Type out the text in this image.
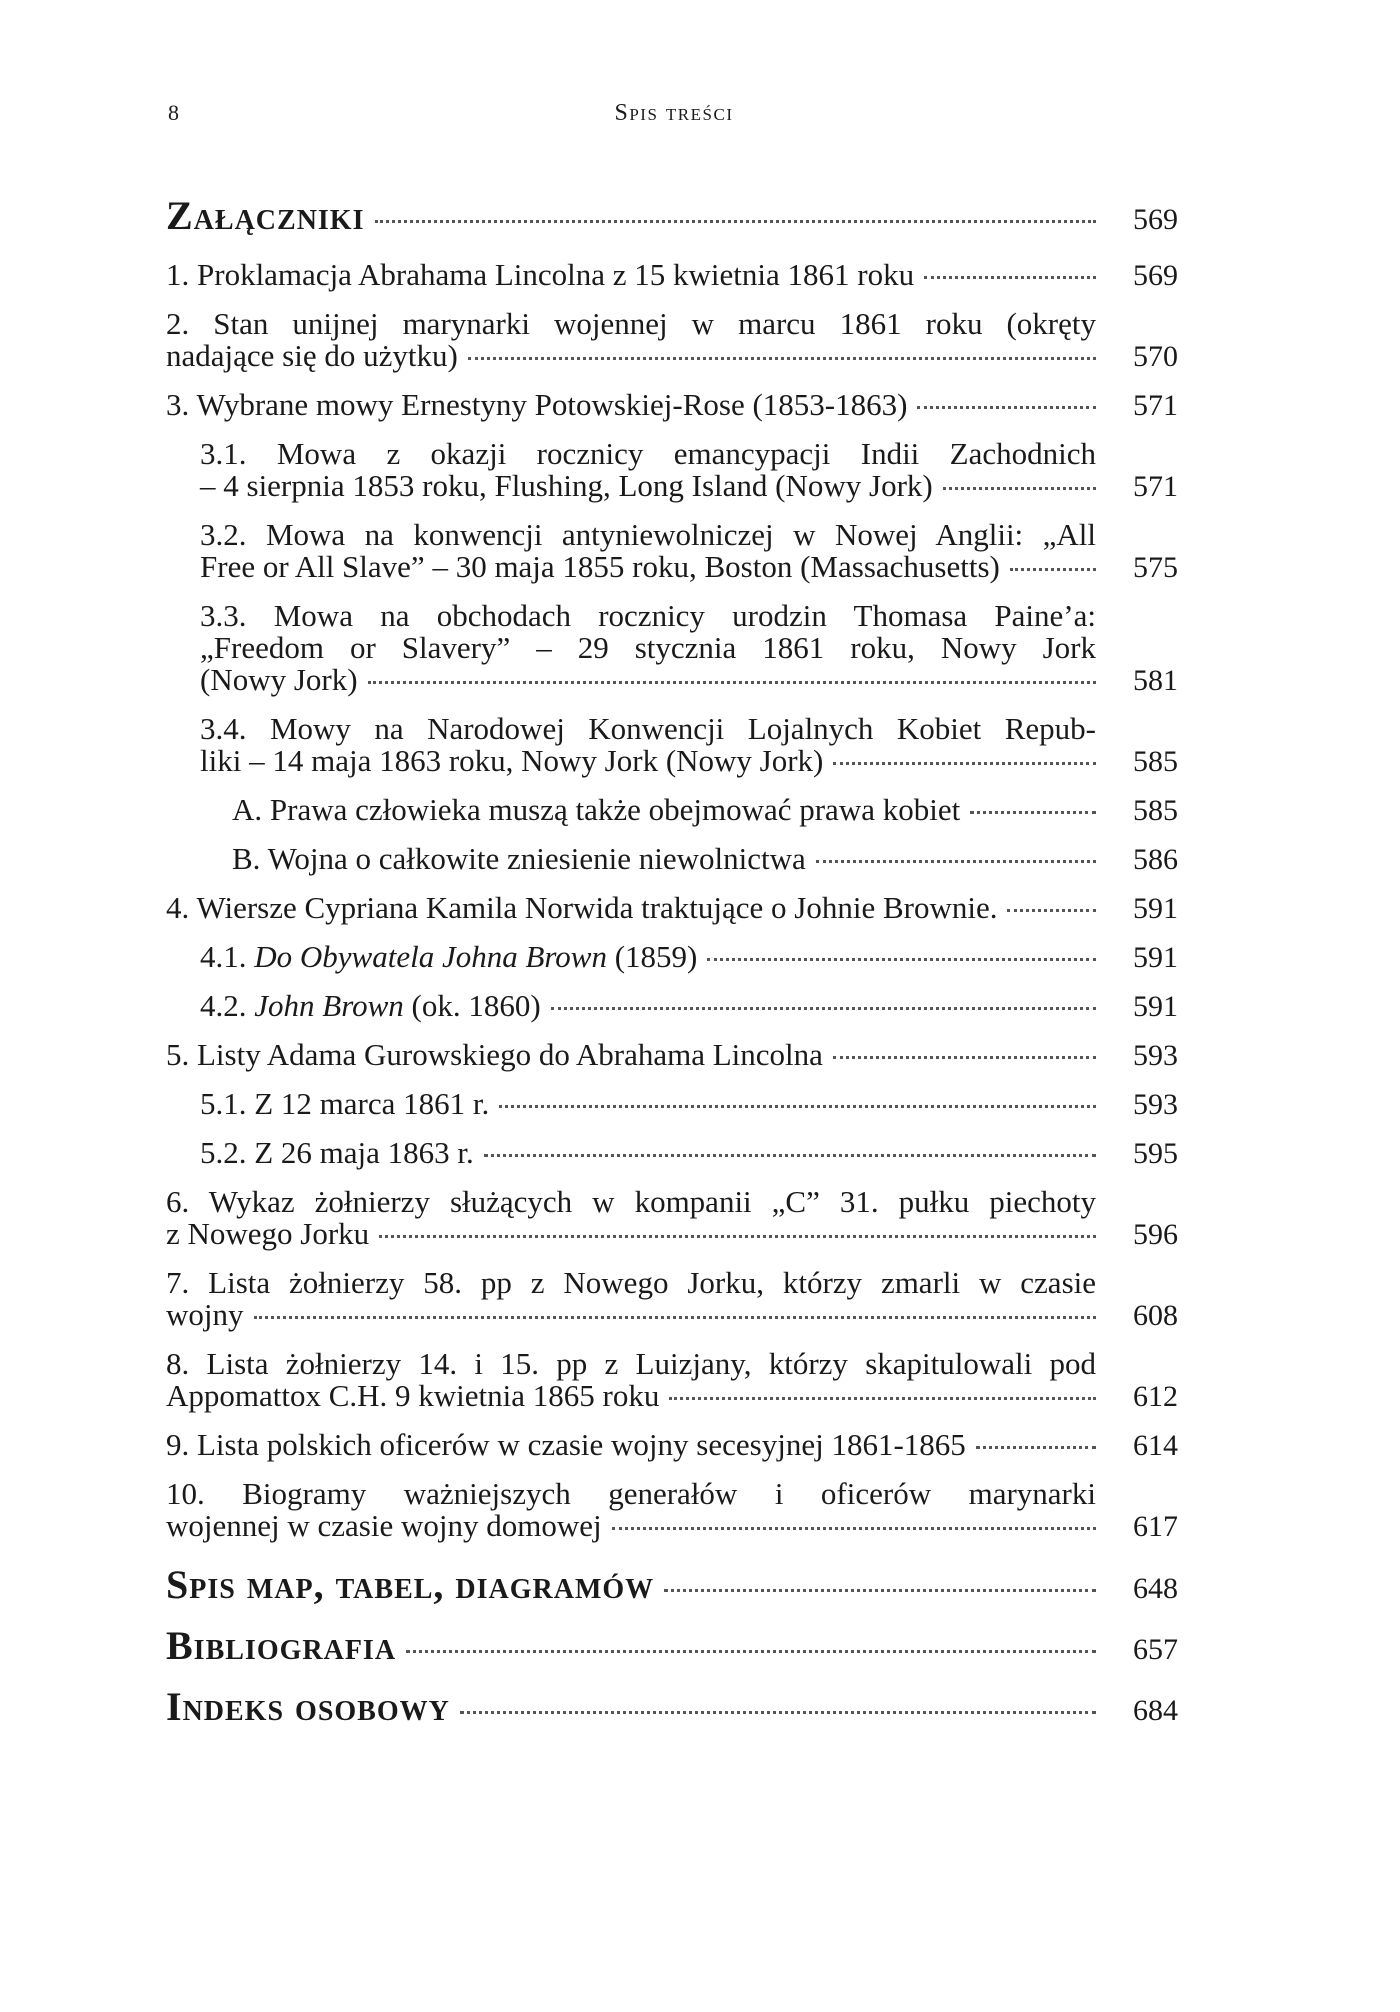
8	Spis treści
Załączniki	569
1. Proklamacja Abrahama Lincolna z 15 kwietnia 1861 roku	569
2. Stan unijnej marynarki wojennej w marcu 1861 roku (okręty
nadające się do użytku)	570
3. Wybrane mowy Ernestyny Potowskiej-Rose (1853-1863)	571
3.1. Mowa z okazji rocznicy emancypacji Indii Zachodnich
– 4 sierpnia 1853 roku, Flushing, Long Island (Nowy Jork)	571
3.2. Mowa na konwencji antyniewolniczej w Nowej Anglii: „All
Free or All Slave” – 30 maja 1855 roku, Boston (Massachusetts)	575
3.3. Mowa na obchodach rocznicy urodzin Thomasa Paine’a:
„Freedom or Slavery” – 29 stycznia 1861 roku, Nowy Jork
(Nowy Jork)	581
3.4. Mowy na Narodowej Konwencji Lojalnych Kobiet Repub-
liki – 14 maja 1863 roku, Nowy Jork (Nowy Jork)	585
A. Prawa człowieka muszą także obejmować prawa kobiet	585
B. Wojna o całkowite zniesienie niewolnictwa	586
4. Wiersze Cypriana Kamila Norwida traktujące o Johnie Brownie.	591
4.1. Do Obywatela Johna Brown (1859)	591
4.2. John Brown (ok. 1860)	591
5. Listy Adama Gurowskiego do Abrahama Lincolna	593
5.1. Z 12 marca 1861 r.	593
5.2. Z 26 maja 1863 r.	595
6. Wykaz żołnierzy służących w kompanii „C” 31. pułku piechoty
z Nowego Jorku	596
7. Lista żołnierzy 58. pp z Nowego Jorku, którzy zmarli w czasie
wojny	608
8. Lista żołnierzy 14. i 15. pp z Luizjany, którzy skapitulowali pod
Appomattox C.H. 9 kwietnia 1865 roku	612
9. Lista polskich oficerów w czasie wojny secesyjnej 1861-1865	614
10. Biogramy ważniejszych generałów i oficerów marynarki
wojennej w czasie wojny domowej	617
Spis map, tabel, diagramów	648
Bibliografia	657
Indeks osobowy	684
